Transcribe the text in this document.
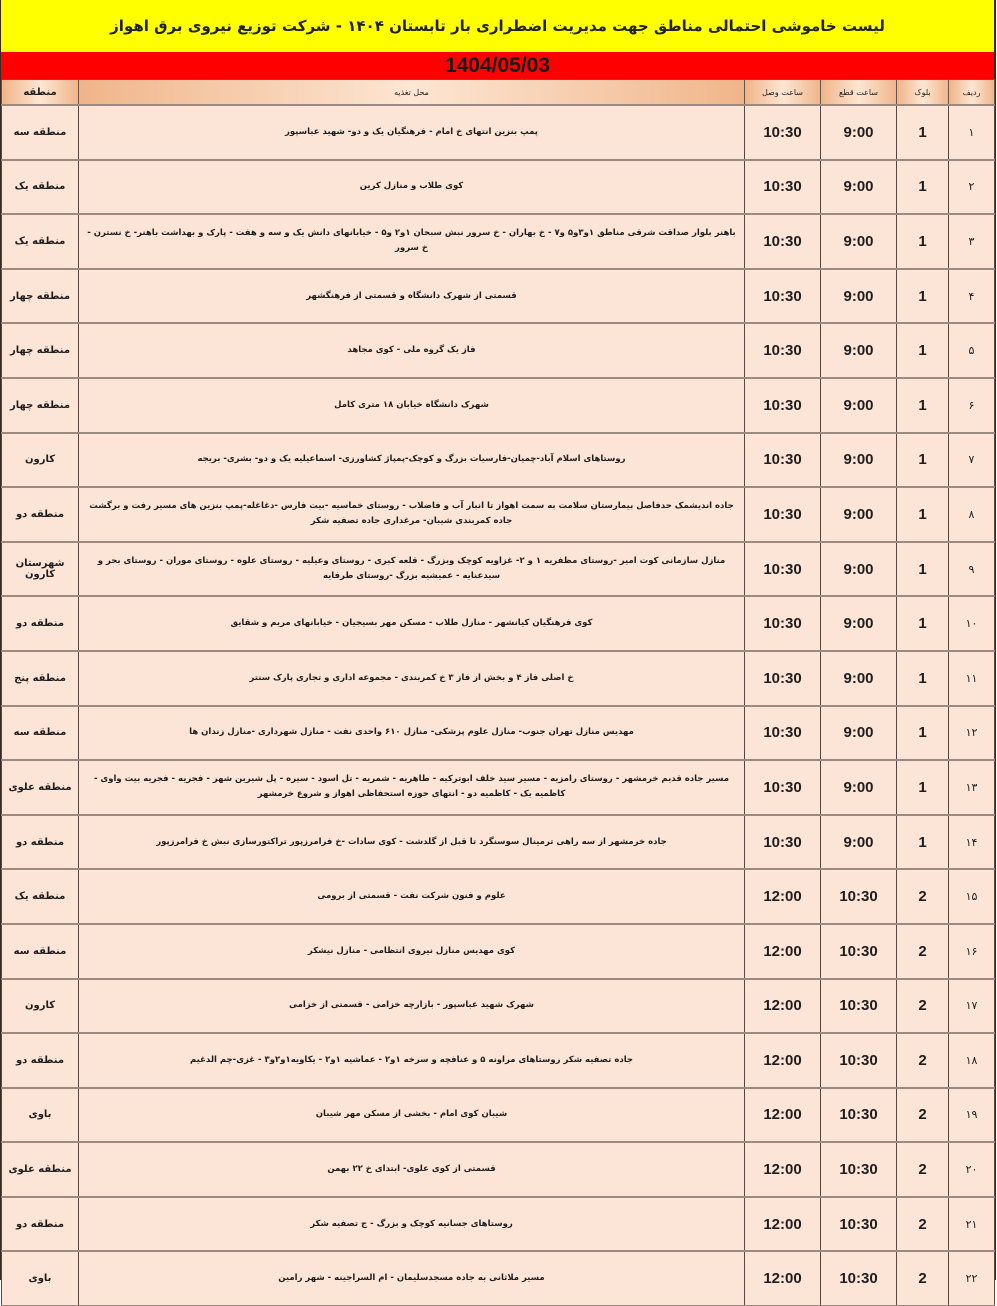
لیست خاموشی احتمالی مناطق جهت مدیریت اضطراری بار تابستان ۱۴۰۴ - شرکت توزیع نیروی برق اهواز
1404/05/03
ردیف	بلوک	ساعت قطع	ساعت وصل	محل تغذیه	منطقه
۱	1	9:00	10:30	پمپ بنزین انتهای خ امام - فرهنگیان یک و دو- شهید عباسپور	منطقه سه
۲	1	9:00	10:30	کوی طلاب و منازل کرین	منطقه یک
۳	1	9:00	10:30	باهنر بلوار صداقت شرقی مناطق ۱و۳و۵ و۷ - خ بهاران - خ سرور نبش سبحان ۱و۲ و۵ - خیابانهای دانش یک و سه و هفت - پارک و بهداشت باهنر- خ نسترن - خ سرور	منطقه یک
۴	1	9:00	10:30	قسمتی از شهرک دانشگاه و قسمتی از فرهنگشهر	منطقه چهار
۵	1	9:00	10:30	فاز یک گروه ملی - کوی مجاهد	منطقه چهار
۶	1	9:00	10:30	شهرک دانشگاه خیابان ۱۸ متری کامل	منطقه چهار
۷	1	9:00	10:30	روستاهای اسلام آباد-چمیان-فارسیات بزرگ و کوچک-پمپاژ کشاورزی- اسماعیلیه یک و دو- بشری- بریجه	کارون
۸	1	9:00	10:30	جاده اندیشمک حدفاصل بیمارستان سلامت به سمت اهواز تا انبار آب و فاضلاب - روستای خماسیه -بیت فارس -دغاغله-پمپ بنزین های مسیر رفت و برگشت جاده کمربندی شیبان- مرغداری جاده تصفیه شکر	منطقه دو
۹	1	9:00	10:30	منازل سازمانی کوت امیر -روستای مظفریه ۱ و ۲- غزاویه کوچک وبزرگ - قلعه کبری - روستای وعیلیه - روستای علوه - روستای موران - روستای بحر و سیدعنایه - عمیشیه بزرگ -روستای طرفایه	شهرستان کارون
۱۰	1	9:00	10:30	کوی فرهنگیان کیانشهر - منازل طلاب - مسکن مهر بسیجیان - خیابانهای مریم و شقایق	منطقه دو
۱۱	1	9:00	10:30	خ اصلی فاز ۴ و بخش از فاز ۳ خ کمربندی - مجموعه اداری و تجاری پارک سنتر	منطقه پنج
۱۲	1	9:00	10:30	مهدیس منازل تهران جنوب- منازل علوم پزشکی- منازل ۶۱۰ واحدی نفت - منازل شهرداری -منازل زندان ها	منطقه سه
۱۳	1	9:00	10:30	مسیر جاده قدیم خرمشهر - روستای رامزیه - مسیر سید خلف ابوترکیه - طاهریه - شمریه - تل اسود - سیره - پل شیرین شهر - فجریه - فجریه بیت واوی - کاظمیه یک - کاظمیه دو - انتهای حوزه استحفاظی اهواز و شروع خرمشهر	منطقه علوی
۱۴	1	9:00	10:30	جاده خرمشهر از سه راهی ترمینال سوسنگرد تا قبل از گلدشت - کوی سادات -خ فرامرزپور تراکتورسازی نبش خ فرامرزپور	منطقه دو
۱۵	2	10:30	12:00	علوم و فنون شرکت نفت - قسمتی از برومی	منطقه یک
۱۶	2	10:30	12:00	کوی مهدیس منازل نیروی انتظامی - منازل نیشکر	منطقه سه
۱۷	2	10:30	12:00	شهرک شهید عباسپور - بازارچه خزامی - قسمتی از خزامی	کارون
۱۸	2	10:30	12:00	جاده تصفیه شکر روستاهای مراونه ۵ و عنافچه و سرخه ۱و۲ - عماشیه ۱و۲ - یکاویه۱و۲و۳ - غزی-چم الدغیم	منطقه دو
۱۹	2	10:30	12:00	شیبان کوی امام - بخشی از مسکن مهر شیبان	باوی
۲۰	2	10:30	12:00	قسمتی از کوی علوی- ابتدای خ ۲۲ بهمن	منطقه علوی
۲۱	2	10:30	12:00	روستاهای جسانیه کوچک و بزرگ - ج تصفیه شکر	منطقه دو
۲۲	2	10:30	12:00	مسیر ملاثانی به جاده مسجدسلیمان - ام السراجینه - شهر رامین	باوی
